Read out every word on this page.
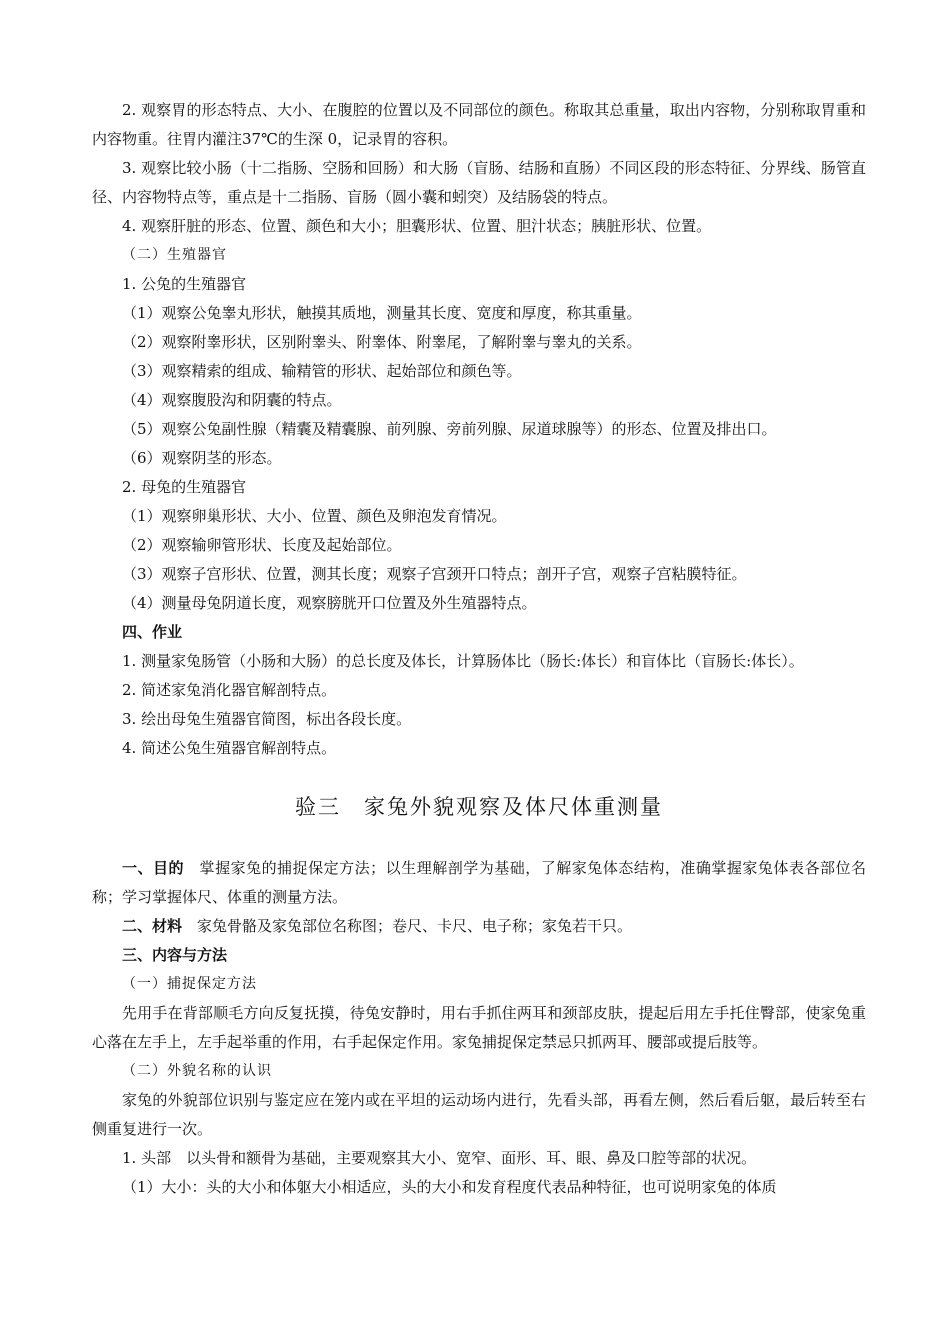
2. 观察胃的形态特点、大小、在腹腔的位置以及不同部位的颜色。称取其总重量，取出内容物，分别称取胃重和内容物重。往胃内灌注37℃的生深 0，记录胃的容积。

3. 观察比较小肠（十二指肠、空肠和回肠）和大肠（盲肠、结肠和直肠）不同区段的形态特征、分界线、肠管直径、内容物特点等，重点是十二指肠、盲肠（圆小囊和蚓突）及结肠袋的特点。

4. 观察肝脏的形态、位置、颜色和大小；胆囊形状、位置、胆汁状态；胰脏形状、位置。

（二）生殖器官

1. 公兔的生殖器官

（1）观察公兔睾丸形状，触摸其质地，测量其长度、宽度和厚度，称其重量。

（2）观察附睾形状，区别附睾头、附睾体、附睾尾，了解附睾与睾丸的关系。

（3）观察精索的组成、输精管的形状、起始部位和颜色等。

（4）观察腹股沟和阴囊的特点。

（5）观察公兔副性腺（精囊及精囊腺、前列腺、旁前列腺、尿道球腺等）的形态、位置及排出口。

（6）观察阴茎的形态。

2. 母兔的生殖器官

（1）观察卵巢形状、大小、位置、颜色及卵泡发育情况。

（2）观察输卵管形状、长度及起始部位。

（3）观察子宫形状、位置，测其长度；观察子宫颈开口特点；剖开子宫，观察子宫粘膜特征。

（4）测量母兔阴道长度，观察膀胱开口位置及外生殖器特点。

四、作业

1. 测量家兔肠管（小肠和大肠）的总长度及体长，计算肠体比（肠长:体长）和盲体比（盲肠长:体长）。

2. 简述家兔消化器官解剖特点。

3. 绘出母兔生殖器官简图，标出各段长度。

4. 简述公兔生殖器官解剖特点。

验三　家兔外貌观察及体尺体重测量

一、目的　掌握家兔的捕捉保定方法；以生理解剖学为基础，了解家兔体态结构，准确掌握家兔体表各部位名称；学习掌握体尺、体重的测量方法。

二、材料　家兔骨骼及家兔部位名称图；卷尺、卡尺、电子称；家兔若干只。

三、内容与方法

（一）捕捉保定方法

先用手在背部顺毛方向反复抚摸，待兔安静时，用右手抓住两耳和颈部皮肤，提起后用左手托住臀部，使家兔重心落在左手上，左手起举重的作用，右手起保定作用。家兔捕捉保定禁忌只抓两耳、腰部或提后肢等。

（二）外貌名称的认识

家兔的外貌部位识别与鉴定应在笼内或在平坦的运动场内进行，先看头部，再看左侧，然后看后躯，最后转至右侧重复进行一次。

1. 头部　以头骨和额骨为基础，主要观察其大小、宽窄、面形、耳、眼、鼻及口腔等部的状况。

（1）大小：头的大小和体躯大小相适应，头的大小和发育程度代表品种特征，也可说明家兔的体质
